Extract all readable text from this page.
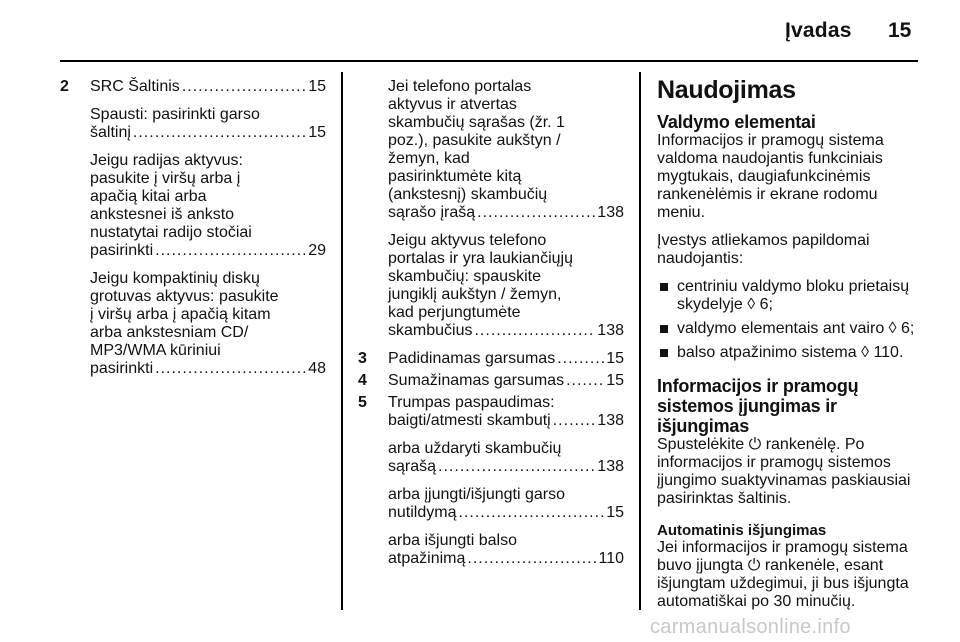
Įvadas 15
2 SRC Šaltinis .....	15
Spausti: pasirinkti garso
šaltinį .....	15
Jeigu radijas aktyvus:
pasukite į viršų arba į
apačią kitai arba
ankstesnei iš anksto
nustatytai radijo stočiai
pasirinkti .....	29
Jeigu kompaktinių diskų
grotuvas aktyvus: pasukite
į viršų arba į apačią kitam
arba ankstesniam CD/
MP3/WMA kūriniui
pasirinkti .....	48
Jei telefono portalas
aktyvus ir atvertas
skambučių sąrašas (žr. 1
poz.), pasukite aukštyn /
žemyn, kad
pasirinktumėte kitą
(ankstesnį) skambučių
sąrašo įrašą .....	138
Jeigu aktyvus telefono
portalas ir yra laukiančiųjų
skambučių: spauskite
jungiklį aukštyn / žemyn,
kad perjungtumėte
skambučius .....	138
3 Padidinamas garsumas .....	15
4 Sumažinamas garsumas .....	15
5 Trumpas paspaudimas:
baigti/atmesti skambutį .....	138
arba uždaryti skambučių
sąrašą .....	138
arba įjungti/išjungti garso
nutildymą .....	15
arba išjungti balso
atpažinimą .....	110
Naudojimas
Valdymo elementai
Informacijos ir pramogų sistema
valdoma naudojantis funkciniais
mygtukais, daugiafunkcinėmis
rankenėlėmis ir ekrane rodomu
meniu.
Įvestys atliekamos papildomai
naudojantis:
centriniu valdymo bloku prietaisų
skydelyje ◊ 6;
valdymo elementais ant vairo ◊ 6;
balso atpažinimo sistema ◊ 110.
Informacijos ir pramogų
sistemos įjungimas ir išjungimas
Spustelėkite ⏻ rankenėlę. Po
informacijos ir pramogų sistemos
įjungimo suaktyvinamas paskiausiai
pasirinktas šaltinis.
Automatinis išjungimas
Jei informacijos ir pramogų sistema
buvo įjungta ⏻ rankenėle, esant
išjungtam uždegimui, ji bus išjungta
automatiškai po 30 minučių.
carmanualsonline.info
